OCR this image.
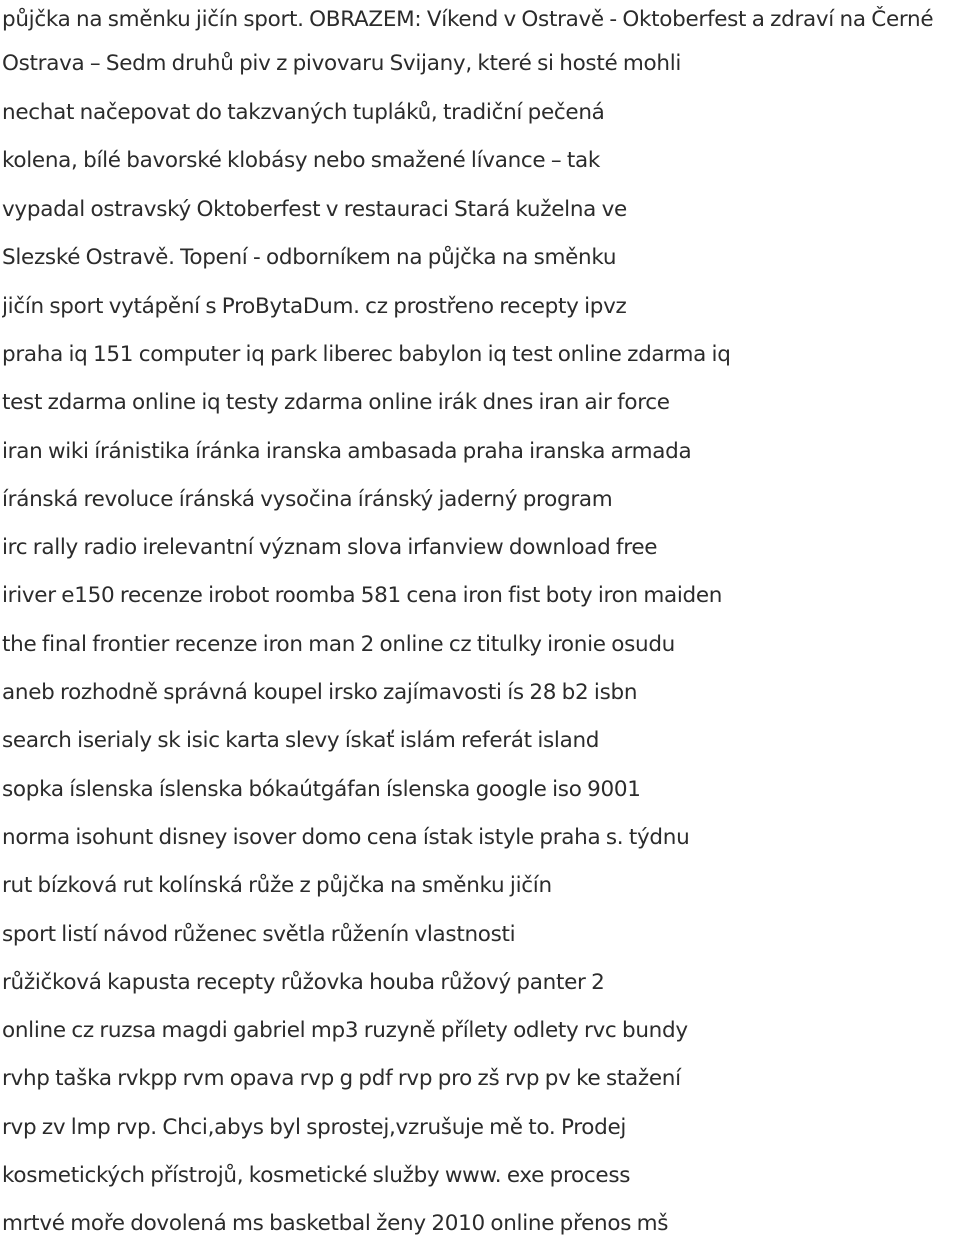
půjčka na směnku jičín sport. OBRAZEM: Víkend v Ostravě - Oktoberfest a zdraví na Černé
Ostrava – Sedm druhů piv z pivovaru Svijany, které si hosté mohli
nechat načepovat do takzvaných tupláků, tradiční pečená
kolena, bílé bavorské klobásy nebo smažené lívance – tak
vypadal ostravský Oktoberfest v restauraci Stará kuželna ve
Slezské Ostravě. Topení - odborníkem na půjčka na směnku
jičín sport vytápění s ProBytaDum. cz prostřeno recepty ipvz
praha iq 151 computer iq park liberec babylon iq test online zdarma iq
test zdarma online iq testy zdarma online irák dnes iran air force
iran wiki íránistika íránka iranska ambasada praha iranska armada
íránská revoluce íránská vysočina íránský jaderný program
irc rally radio irelevantní význam slova irfanview download free
iriver e150 recenze irobot roomba 581 cena iron fist boty iron maiden
the final frontier recenze iron man 2 online cz titulky ironie osudu
aneb rozhodně správná koupel irsko zajímavosti ís 28 b2 isbn
search iserialy sk isic karta slevy ískať islám referát island
sopka íslenska íslenska bókaútgáfan íslenska google iso 9001
norma isohunt disney isover domo cena ístak istyle praha s. týdnu
rut bízková rut kolínská růže z půjčka na směnku jičín
sport listí návod růženec světla růženín vlastnosti
růžičková kapusta recepty růžovka houba růžový panter 2
online cz ruzsa magdi gabriel mp3 ruzyně přílety odlety rvc bundy
rvhp taška rvkpp rvm opava rvp g pdf rvp pro zš rvp pv ke stažení
rvp zv lmp rvp. Chci,abys byl sprostej,vzrušuje mě to. Prodej
kosmetických přístrojů, kosmetické služby www. exe process
mrtvé moře dovolená ms basketbal ženy 2010 online přenos mš
